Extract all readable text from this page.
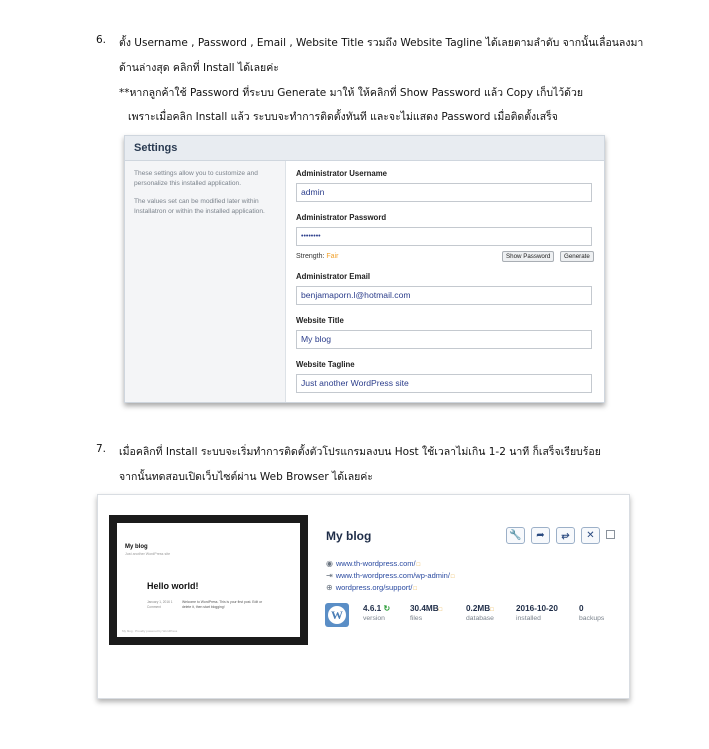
6. ตั้ง Username , Password , Email , Website Title รวมถึง Website Tagline ได้เลยตามลำดับ จากนั้นเลื่อนลงมา
ด้านล่างสุด คลิกที่ Install ได้เลยค่ะ
**หากลูกค้าใช้ Password ที่ระบบ Generate มาให้ ให้คลิกที่ Show Password แล้ว Copy เก็บไว้ด้วย
เพราะเมื่อคลิก Install แล้ว ระบบจะทำการติดตั้งทันที และจะไม่แสดง Password เมื่อติดตั้งเสร็จ
Settings

These settings allow you to customize and personalize this installed application.

The values set can be modified later within Installatron or within the installed application.

Administrator Username
admin
Administrator Password
••••••••
Strength: Fair	Show Password	Generate
Administrator Email
benjamaporn.l@hotmail.com
Website Title
My blog
Website Tagline
Just another WordPress site
7. เมื่อคลิกที่ Install ระบบจะเริ่มทำการติดตั้งตัวโปรแกรมลงบน Host ใช้เวลาไม่เกิน 1-2 นาที ก็เสร็จเรียบร้อย
จากนั้นทดสอบเปิดเว็บไซต์ผ่าน Web Browser ได้เลยค่ะ
My blog
Just another WordPress site
Hello world!
January 1, 2016 1 Comment
Welcome to WordPress. This is your first post. Edit or delete it, then start blogging!
My blog · Proudly powered by WordPress
My blog	🔧	➦	⥂	✕
◉ www.th-wordpress.com/□
⇥ www.th-wordpress.com/wp-admin/□
⊕ wordpress.org/support/□
W	4.6.1 ↻
version
30.4MB□
files
0.2MB□
database
2016-10-20
installed
0
backups
